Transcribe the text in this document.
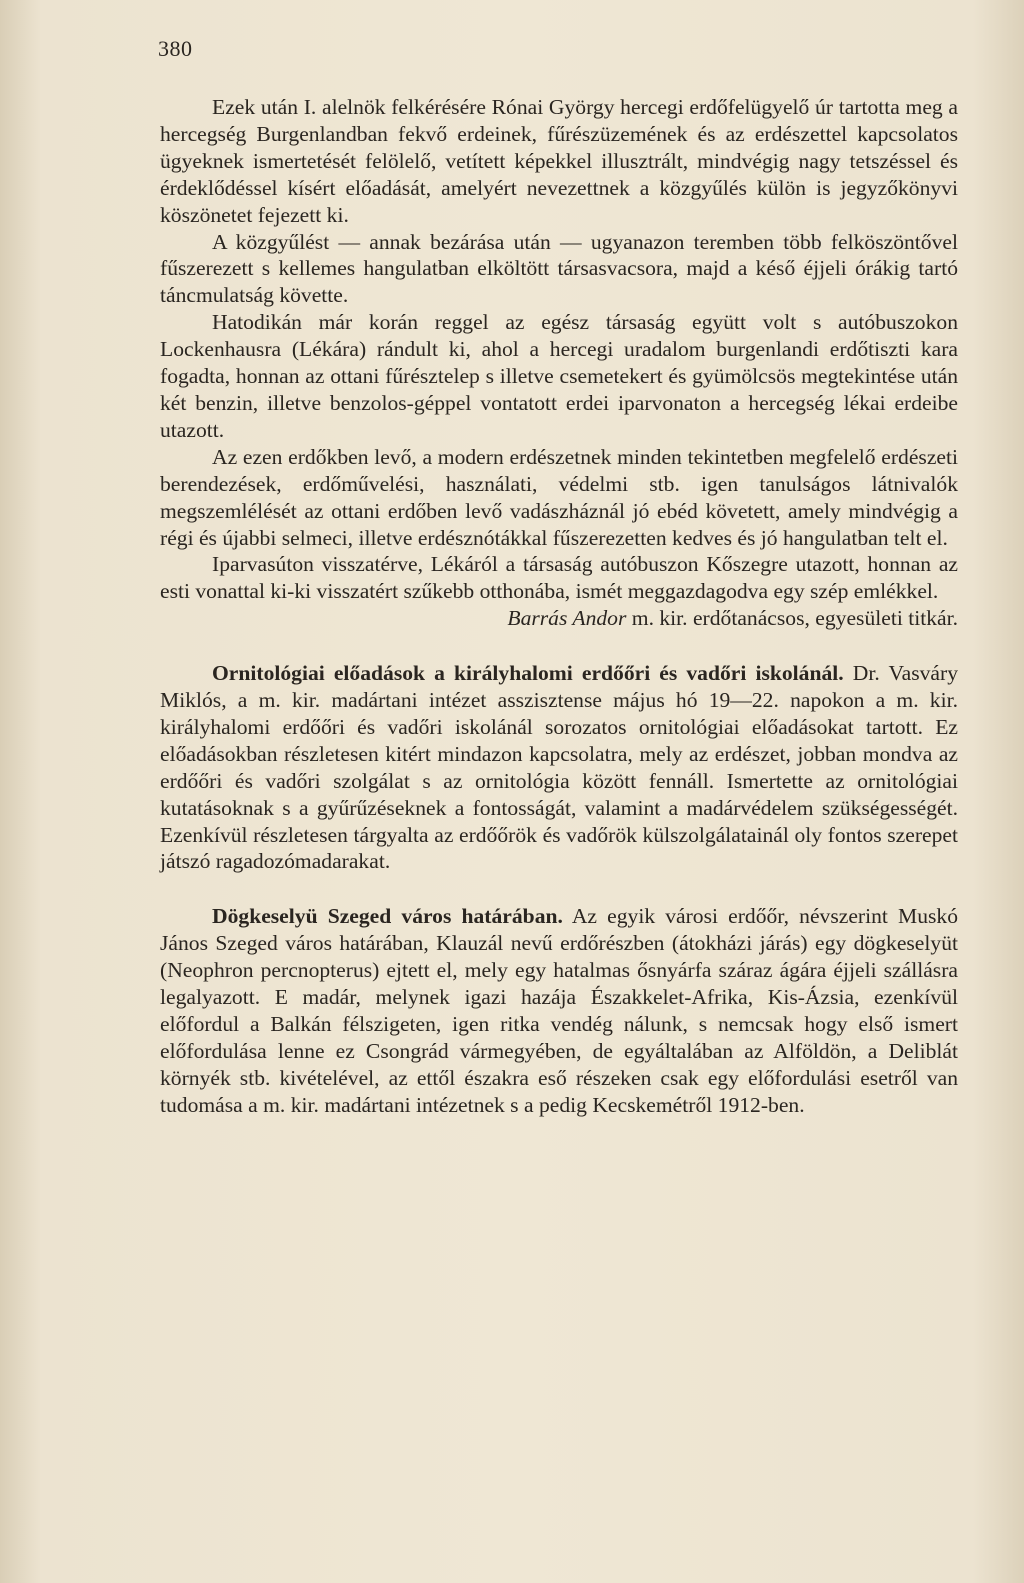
380

Ezek után I. alelnök felkérésére Rónai György hercegi erdőfelügyelő úr tartotta meg a hercegség Burgenlandban fekvő erdeinek, fűrészüzemének és az erdészettel kapcsolatos ügyeknek ismertetését felölelő, vetített képekkel illusztrált, mindvégig nagy tetszéssel és érdeklődéssel kísért előadását, amelyért nevezettnek a közgyűlés külön is jegyzőkönyvi köszönetet fejezett ki.

A közgyűlést — annak bezárása után — ugyanazon teremben több felköszöntővel fűszerezett s kellemes hangulatban elköltött társasvacsora, majd a késő éjjeli órákig tartó táncmulatság követte.

Hatodikán már korán reggel az egész társaság együtt volt s autóbuszokon Lockenhausra (Lékára) rándult ki, ahol a hercegi uradalom burgenlandi erdőtiszti kara fogadta, honnan az ottani fűrésztelep s illetve csemetekert és gyümölcsös megtekintése után két benzin, illetve benzolos-géppel vontatott erdei iparvonaton a hercegség lékai erdeibe utazott.

Az ezen erdőkben levő, a modern erdészetnek minden tekintetben megfelelő erdészeti berendezések, erdőművelési, használati, védelmi stb. igen tanulságos látnivalók megszemlélését az ottani erdőben levő vadászháznál jó ebéd követett, amely mindvégig a régi és újabbi selmeci, illetve erdésznótákkal fűszerezetten kedves és jó hangulatban telt el.

Iparvasúton visszatérve, Lékáról a társaság autóbuszon Kőszegre utazott, honnan az esti vonattal ki-ki visszatért szűkebb otthonába, ismét meggazdagodva egy szép emlékkel.

Barrás Andor m. kir. erdőtanácsos, egyesületi titkár.

Ornitológiai előadások a királyhalomi erdőőri és vadőri iskolánál. Dr. Vasváry Miklós, a m. kir. madártani intézet asszisztense május hó 19—22. napokon a m. kir. királyhalomi erdőőri és vadőri iskolánál sorozatos ornitológiai előadásokat tartott. Ez előadásokban részletesen kitért mindazon kapcsolatra, mely az erdészet, jobban mondva az erdőőri és vadőri szolgálat s az ornitológia között fennáll. Ismertette az ornitológiai kutatásoknak s a gyűrűzéseknek a fontosságát, valamint a madárvédelem szükségességét. Ezenkívül részletesen tárgyalta az erdőőrök és vadőrök külszolgálatainál oly fontos szerepet játszó ragadozómadarakat.

Dögkeselyü Szeged város határában. Az egyik városi erdőőr, névszerint Muskó János Szeged város határában, Klauzál nevű erdőrészben (átokházi járás) egy dögkeselyüt (Neophron percnopterus) ejtett el, mely egy hatalmas ősnyárfa száraz ágára éjjeli szállásra legalyazott. E madár, melynek igazi hazája Északkelet-Afrika, Kis-Ázsia, ezenkívül előfordul a Balkán félszigeten, igen ritka vendég nálunk, s nemcsak hogy első ismert előfordulása lenne ez Csongrád vármegyében, de egyáltalában az Alföldön, a Deliblát környék stb. kivételével, az ettől északra eső részeken csak egy előfordulási esetről van tudomása a m. kir. madártani intézetnek s a pedig Kecskemétről 1912-ben.
